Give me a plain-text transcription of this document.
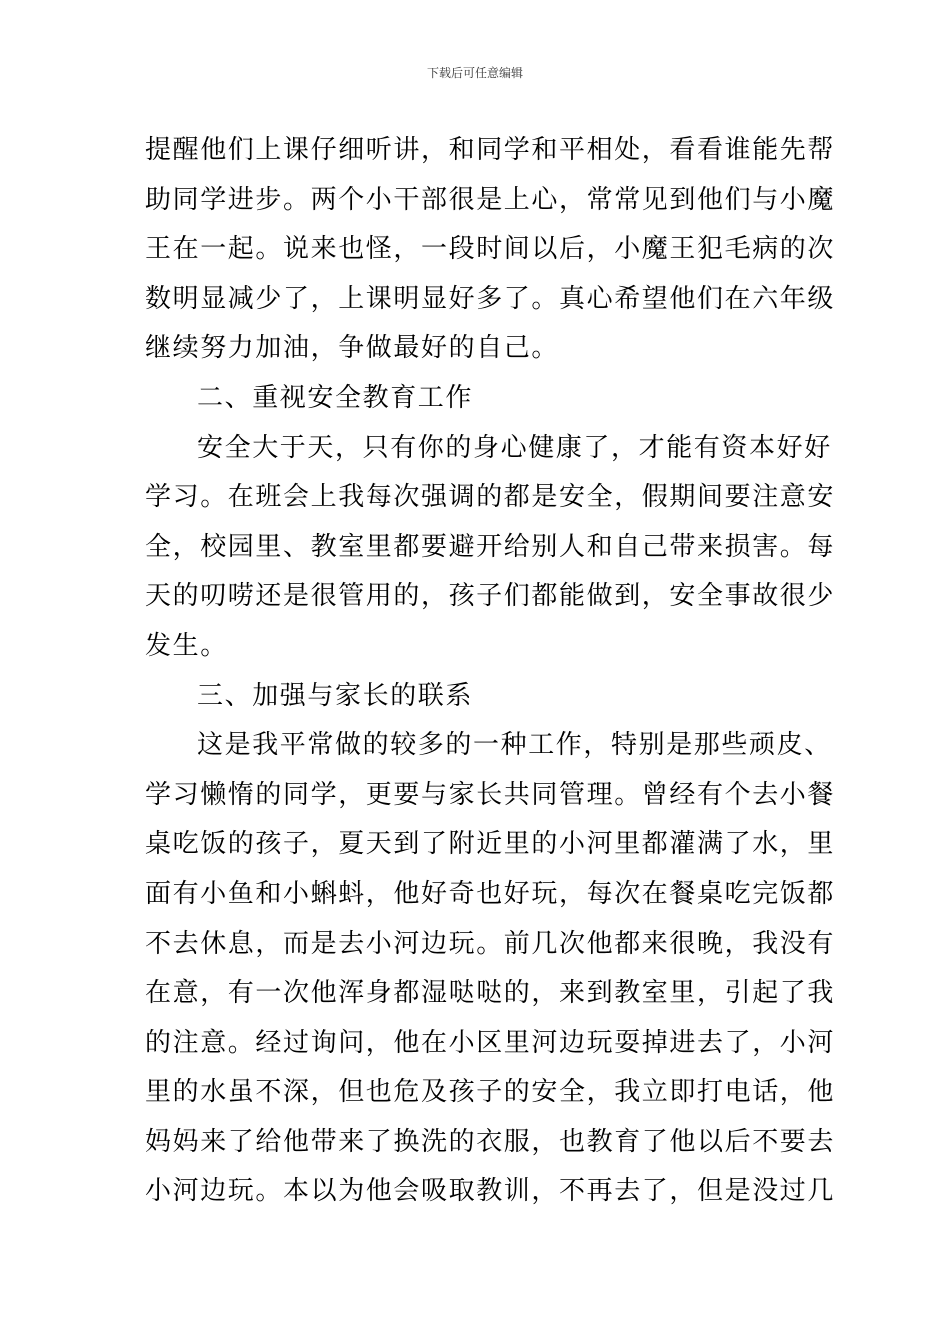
下载后可任意编辑
提醒他们上课仔细听讲，和同学和平相处，看看谁能先帮
助同学进步。两个小干部很是上心，常常见到他们与小魔
王在一起。说来也怪，一段时间以后，小魔王犯毛病的次
数明显减少了，上课明显好多了。真心希望他们在六年级
继续努力加油，争做最好的自己。
二、重视安全教育工作
安全大于天，只有你的身心健康了，才能有资本好好
学习。在班会上我每次强调的都是安全，假期间要注意安
全，校园里、教室里都要避开给别人和自己带来损害。每
天的叨唠还是很管用的，孩子们都能做到，安全事故很少
发生。
三、加强与家长的联系
这是我平常做的较多的一种工作，特别是那些顽皮、
学习懒惰的同学，更要与家长共同管理。曾经有个去小餐
桌吃饭的孩子，夏天到了附近里的小河里都灌满了水，里
面有小鱼和小蝌蚪，他好奇也好玩，每次在餐桌吃完饭都
不去休息，而是去小河边玩。前几次他都来很晚，我没有
在意，有一次他浑身都湿哒哒的，来到教室里，引起了我
的注意。经过询问，他在小区里河边玩耍掉进去了，小河
里的水虽不深，但也危及孩子的安全，我立即打电话，他
妈妈来了给他带来了换洗的衣服，也教育了他以后不要去
小河边玩。本以为他会吸取教训，不再去了，但是没过几
